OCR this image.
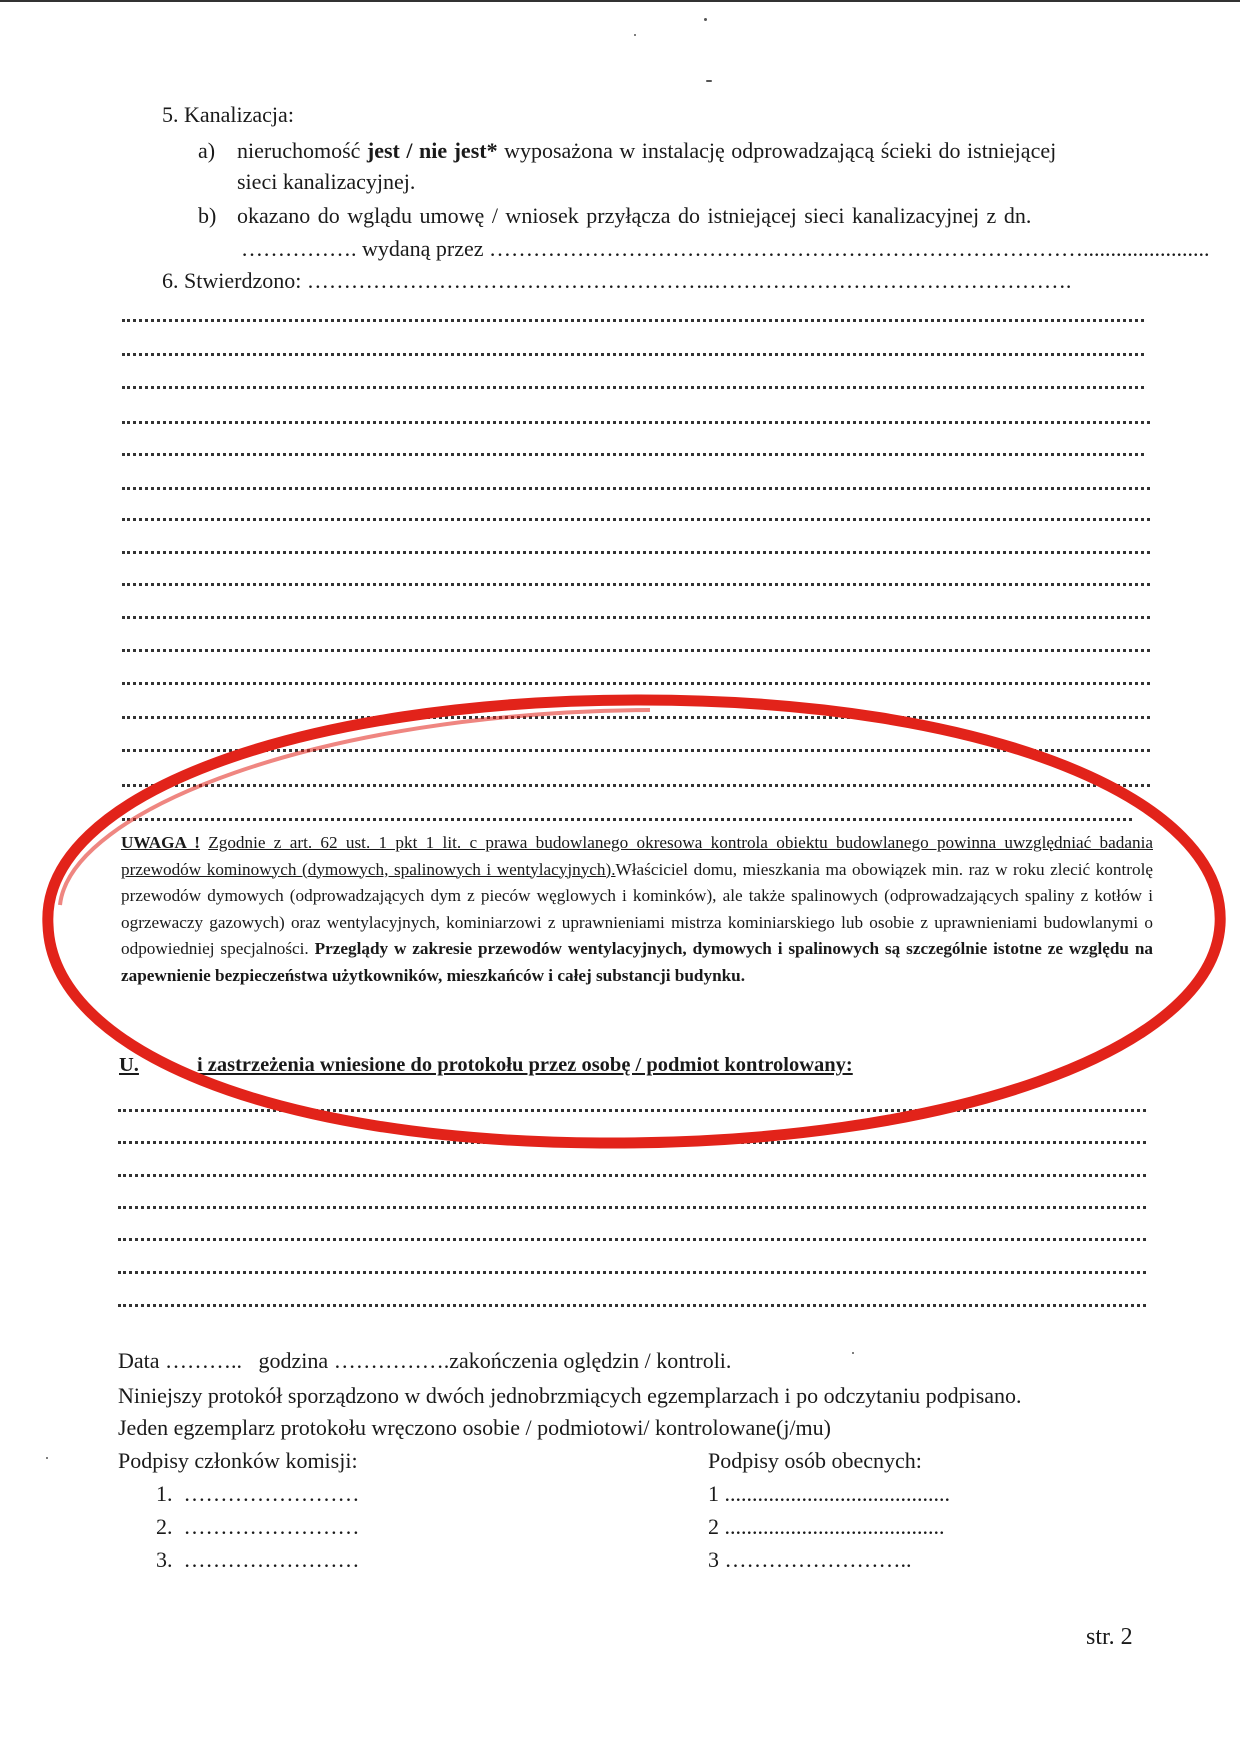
5. Kanalizacja:
a) nieruchomość jest / nie jest* wyposażona w instalację odprowadzającą ścieki do istniejącej
sieci kanalizacyjnej.
b) okazano do wglądu umowę / wniosek przyłącza do istniejącej sieci kanalizacyjnej z dn.
……………. wydaną przez ……………………………………………………………………….......................
6. Stwierdzono: ………………………………………………..………………………………………….
UWAGA ! Zgodnie z art. 62 ust. 1 pkt 1 lit. c prawa budowlanego okresowa kontrola obiektu budowlanego powinna uwzględniać badania przewodów kominowych (dymowych, spalinowych i wentylacyjnych).Właściciel domu, mieszkania ma obowiązek min. raz w roku zlecić kontrolę przewodów dymowych (odprowadzających dym z pieców węglowych i kominków), ale także spalinowych (odprowadzających spaliny z kotłów i ogrzewaczy gazowych) oraz wentylacyjnych, kominiarzowi z uprawnieniami mistrza kominiarskiego lub osobie z uprawnieniami budowlanymi o odpowiedniej specjalności. Przeglądy w zakresie przewodów wentylacyjnych, dymowych i spalinowych są szczególnie istotne ze względu na zapewnienie bezpieczeństwa użytkowników, mieszkańców i całej substancji budynku.
U.	i zastrzeżenia wniesione do protokołu przez osobę / podmiot kontrolowany:
Data ……….. godzina …………….zakończenia oględzin / kontroli.
Niniejszy protokół sporządzono w dwóch jednobrzmiących egzemplarzach i po odczytaniu podpisano.
Jeden egzemplarz protokołu wręczono osobie / podmiotowi/ kontrolowane(j/mu)
Podpisy członków komisji:	Podpisy osób obecnych:
1. ……………………
2. ……………………
3. ……………………
1 .........................................
2 ........................................
3 ……………………..
str. 2
